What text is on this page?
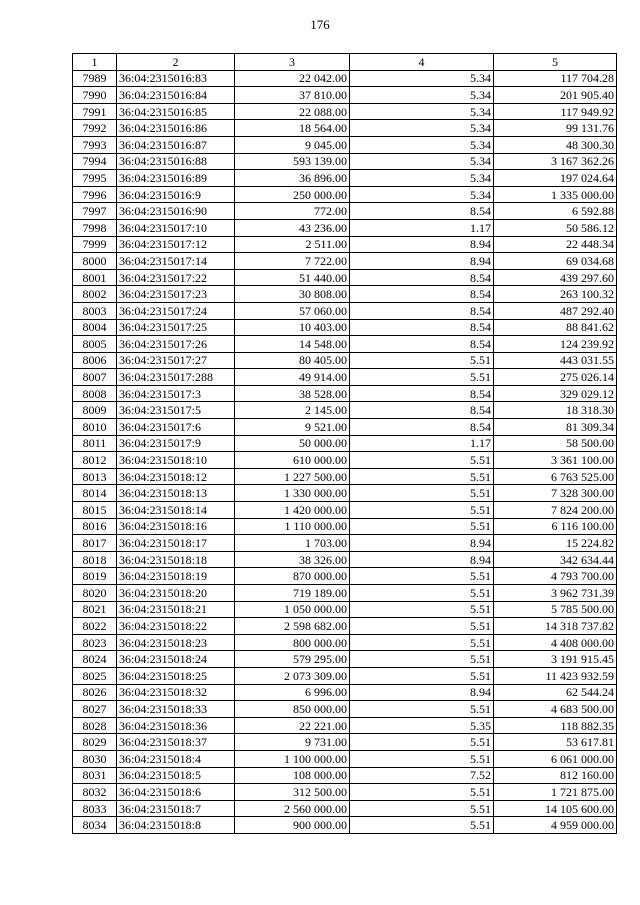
176
1	2	3	4	5
7989	36:04:2315016:83	22 042.00	5.34	117 704.28
7990	36:04:2315016:84	37 810.00	5.34	201 905.40
7991	36:04:2315016:85	22 088.00	5.34	117 949.92
7992	36:04:2315016:86	18 564.00	5.34	99 131.76
7993	36:04:2315016:87	9 045.00	5.34	48 300.30
7994	36:04:2315016:88	593 139.00	5.34	3 167 362.26
7995	36:04:2315016:89	36 896.00	5.34	197 024.64
7996	36:04:2315016:9	250 000.00	5.34	1 335 000.00
7997	36:04:2315016:90	772.00	8.54	6 592.88
7998	36:04:2315017:10	43 236.00	1.17	50 586.12
7999	36:04:2315017:12	2 511.00	8.94	22 448.34
8000	36:04:2315017:14	7 722.00	8.94	69 034.68
8001	36:04:2315017:22	51 440.00	8.54	439 297.60
8002	36:04:2315017:23	30 808.00	8.54	263 100.32
8003	36:04:2315017:24	57 060.00	8.54	487 292.40
8004	36:04:2315017:25	10 403.00	8.54	88 841.62
8005	36:04:2315017:26	14 548.00	8.54	124 239.92
8006	36:04:2315017:27	80 405.00	5.51	443 031.55
8007	36:04:2315017:288	49 914.00	5.51	275 026.14
8008	36:04:2315017:3	38 528.00	8.54	329 029.12
8009	36:04:2315017:5	2 145.00	8.54	18 318.30
8010	36:04:2315017:6	9 521.00	8.54	81 309.34
8011	36:04:2315017:9	50 000.00	1.17	58 500.00
8012	36:04:2315018:10	610 000.00	5.51	3 361 100.00
8013	36:04:2315018:12	1 227 500.00	5.51	6 763 525.00
8014	36:04:2315018:13	1 330 000.00	5.51	7 328 300.00
8015	36:04:2315018:14	1 420 000.00	5.51	7 824 200.00
8016	36:04:2315018:16	1 110 000.00	5.51	6 116 100.00
8017	36:04:2315018:17	1 703.00	8.94	15 224.82
8018	36:04:2315018:18	38 326.00	8.94	342 634.44
8019	36:04:2315018:19	870 000.00	5.51	4 793 700.00
8020	36:04:2315018:20	719 189.00	5.51	3 962 731.39
8021	36:04:2315018:21	1 050 000.00	5.51	5 785 500.00
8022	36:04:2315018:22	2 598 682.00	5.51	14 318 737.82
8023	36:04:2315018:23	800 000.00	5.51	4 408 000.00
8024	36:04:2315018:24	579 295.00	5.51	3 191 915.45
8025	36:04:2315018:25	2 073 309.00	5.51	11 423 932.59
8026	36:04:2315018:32	6 996.00	8.94	62 544.24
8027	36:04:2315018:33	850 000.00	5.51	4 683 500.00
8028	36:04:2315018:36	22 221.00	5.35	118 882.35
8029	36:04:2315018:37	9 731.00	5.51	53 617.81
8030	36:04:2315018:4	1 100 000.00	5.51	6 061 000.00
8031	36:04:2315018:5	108 000.00	7.52	812 160.00
8032	36:04:2315018:6	312 500.00	5.51	1 721 875.00
8033	36:04:2315018:7	2 560 000.00	5.51	14 105 600.00
8034	36:04:2315018:8	900 000.00	5.51	4 959 000.00
